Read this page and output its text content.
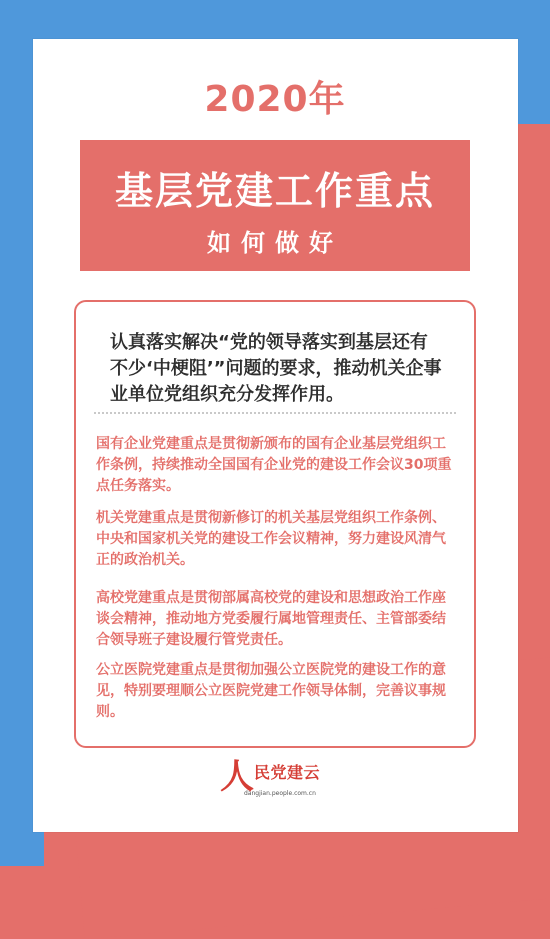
2020年
基层党建工作重点
如何做好
认真落实解决“党的领导落实到基层还有不少‘中梗阻’”问题的要求，推动机关企事业单位党组织充分发挥作用。
国有企业党建重点是贯彻新颁布的国有企业基层党组织工作条例，持续推动全国国有企业党的建设工作会议30项重点任务落实。
机关党建重点是贯彻新修订的机关基层党组织工作条例、中央和国家机关党的建设工作会议精神，努力建设风清气正的政治机关。
高校党建重点是贯彻部属高校党的建设和思想政治工作座谈会精神，推动地方党委履行属地管理责任、主管部委结合领导班子建设履行管党责任。
公立医院党建重点是贯彻加强公立医院党的建设工作的意见，特别要理顺公立医院党建工作领导体制，完善议事规则。
人 民党建云
dangjian.people.com.cn
